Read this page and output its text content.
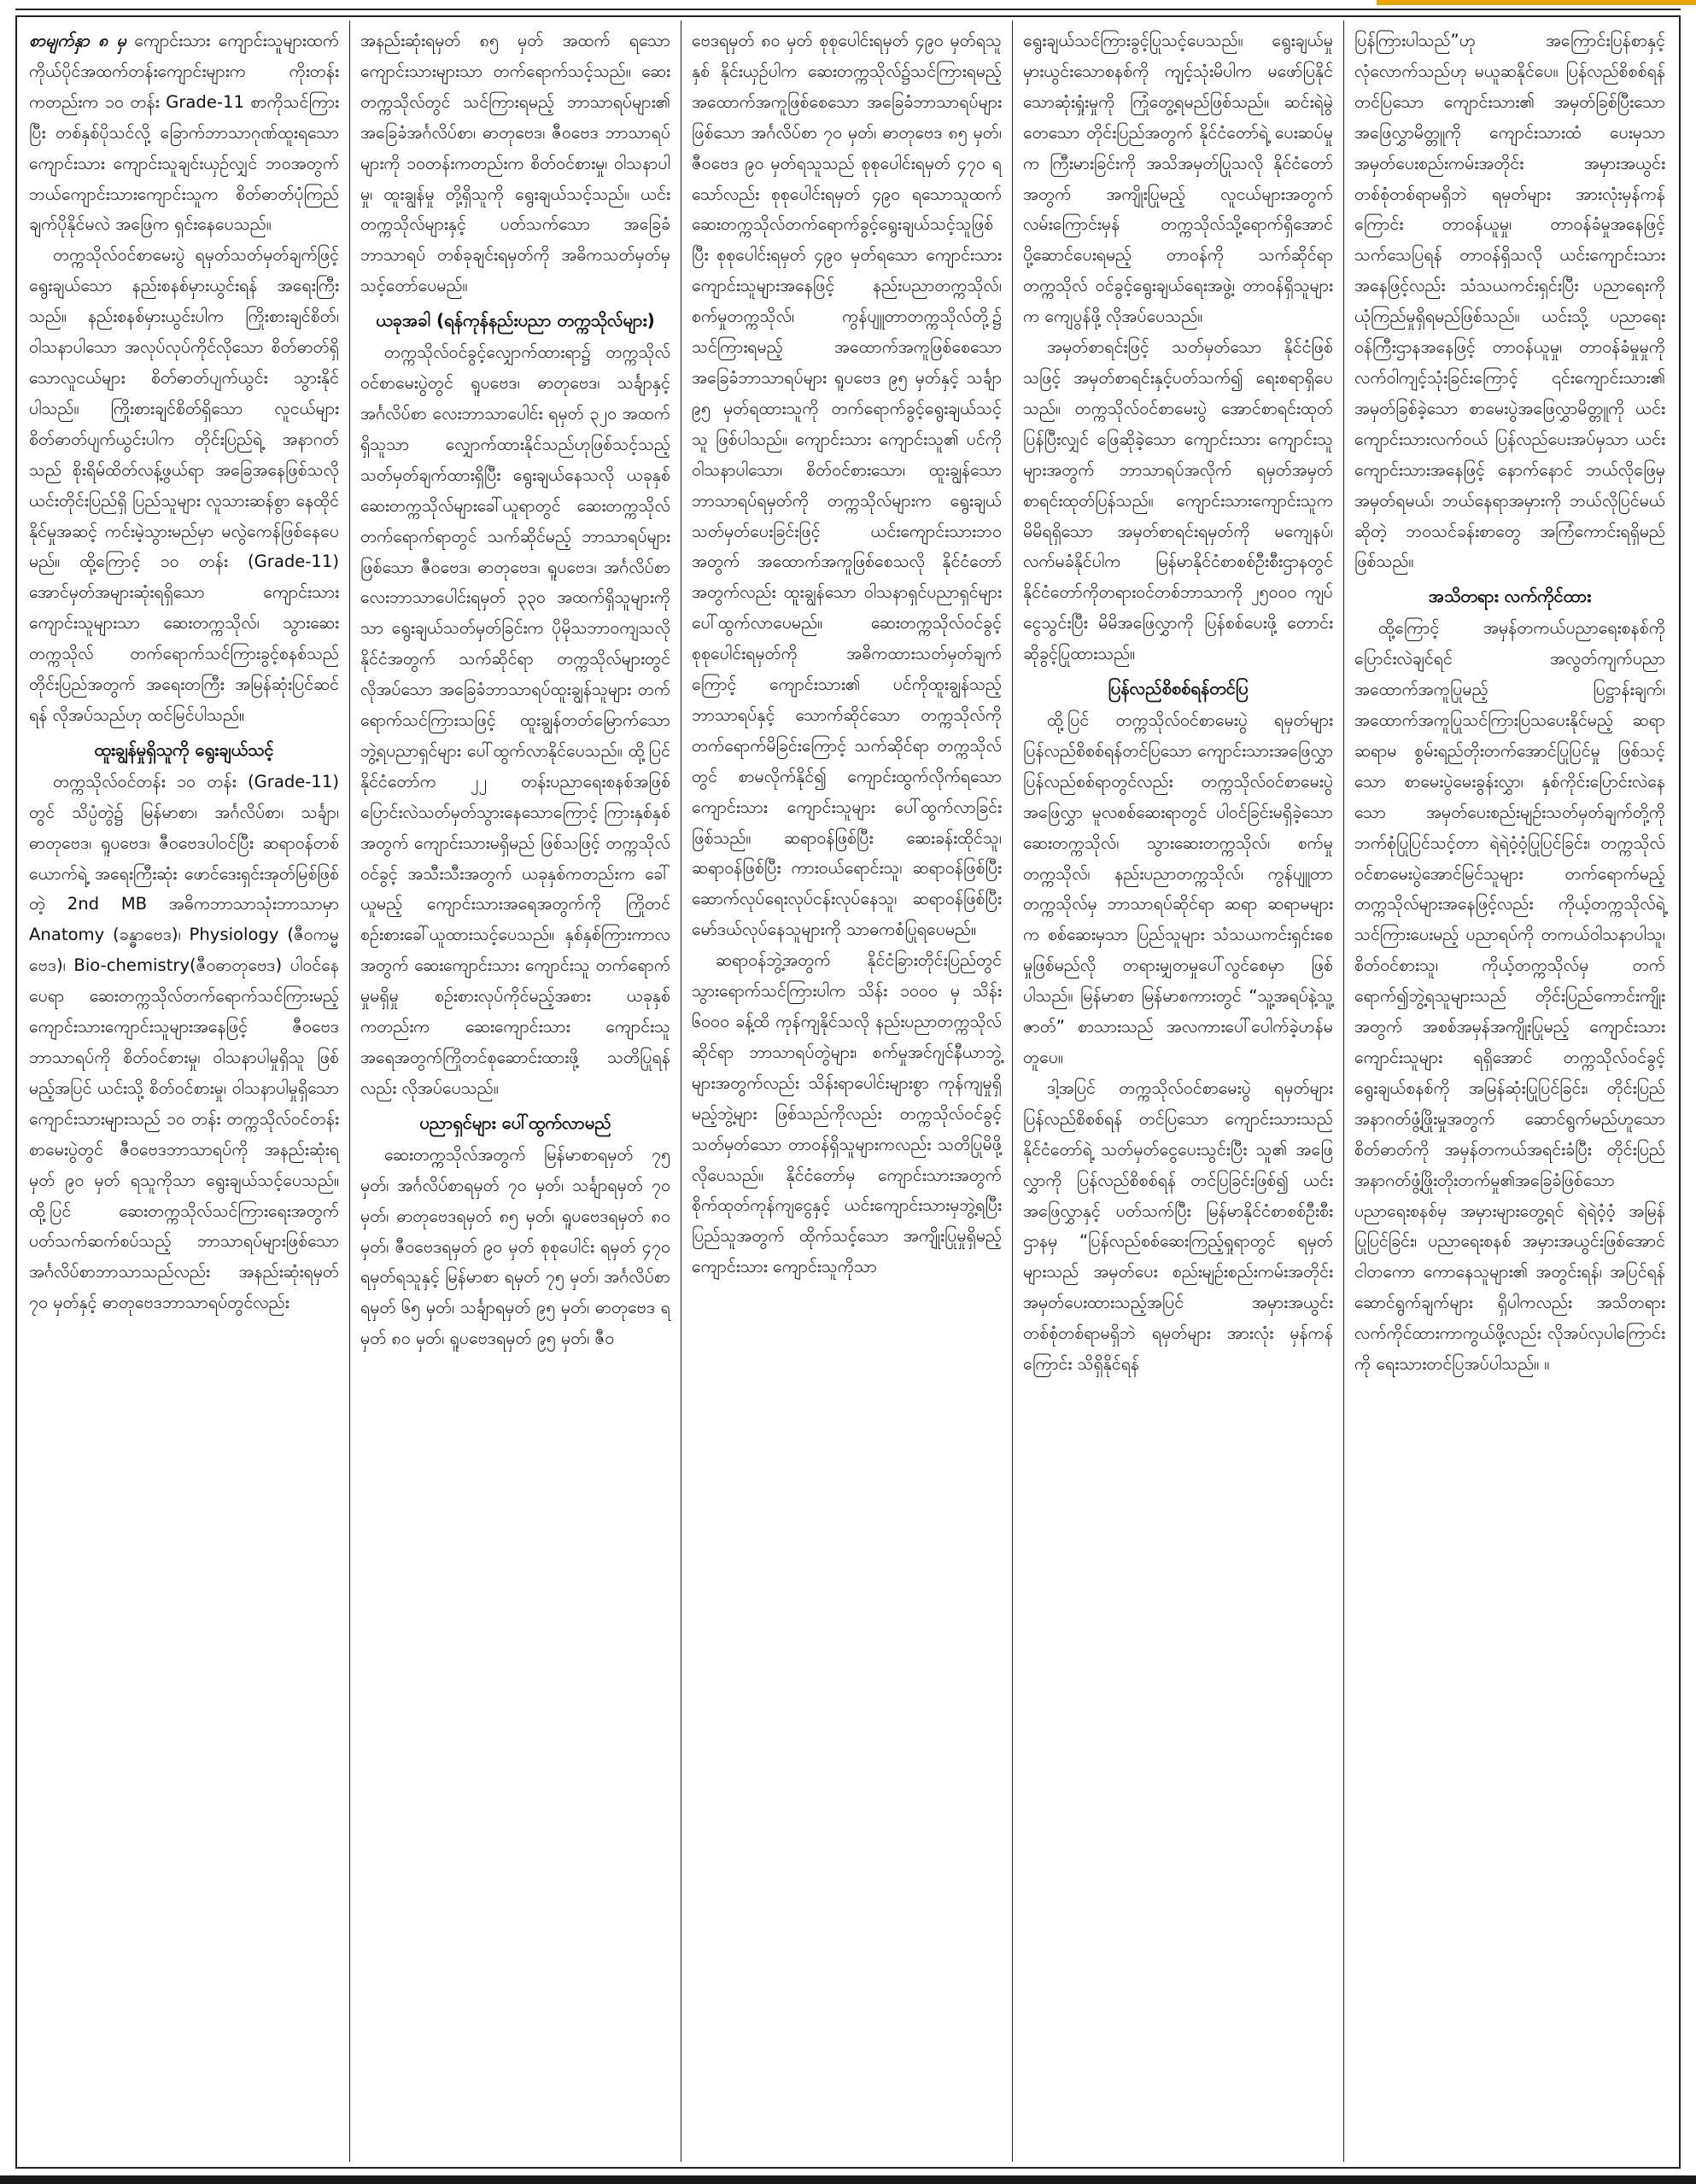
စာမျက်နှာ ၈ မှ ကျောင်းသား ကျောင်းသူများထက် ကိုယ်ပိုင်အထက်တန်းကျောင်းများက ကိုးတန်းကတည်းက ၁၀ တန်း Grade-11 စာကိုသင်ကြားပြီး တစ်နှစ်ပိုသင်လို့ ခြောက်ဘာသာဂုဏ်ထူးရသော ကျောင်းသား ကျောင်းသူချင်းယှဉ်လျှင် ဘဝအတွက် ဘယ်ကျောင်းသားကျောင်းသူက စိတ်ဓာတ်ပုံကြည်ချက်ပိုနိုင်မလဲ အဖြေက ရှင်းနေပေသည်။

တက္ကသိုလ်ဝင်စာမေးပွဲ ရမှတ်သတ်မှတ်ချက်ဖြင့် ရွေးချယ်သော နည်းစနစ်မှားယွင်းရန် အရေးကြီးသည်။ နည်းစနစ်မှားယွင်းပါက ကြိုးစားချင်စိတ်၊ ဝါသနာပါသော အလုပ်လုပ်ကိုင်လိုသော စိတ်ဓာတ်ရှိသောလူငယ်များ စိတ်ဓာတ်ပျက်ယွင်း သွားနိုင်ပါသည်။ ကြိုးစားချင်စိတ်ရှိသော လူငယ်များ စိတ်ဓာတ်ပျက်ယွင်းပါက တိုင်းပြည်ရဲ့ အနာဂတ်သည် စိုးရိမ်ထိတ်လန့်ဖွယ်ရာ အခြေအနေဖြစ်သလို ယင်းတိုင်းပြည်ရှိ ပြည်သူများ လူသားဆန်စွာ နေထိုင်နိုင်မှုအဆင့် ကင်းမဲ့သွားမည်မှာ မလွဲကေန်ဖြစ်နေပေမည်။ ထို့ကြောင့် ၁၀ တန်း (Grade-11) အောင်မှတ်အများဆုံးရရှိသော ကျောင်းသား ကျောင်းသူများသာ ဆေးတက္ကသိုလ်၊ သွားဆေးတက္ကသိုလ် တက်ရောက်သင်ကြားခွင့်စနစ်သည် တိုင်းပြည်အတွက် အရေးတကြီး အမြန်ဆုံးပြင်ဆင်ရန် လိုအပ်သည်ဟု ထင်မြင်ပါသည်။

ထူးချွန်မှုရှိသူကို ရွေးချယ်သင့်

တက္ကသိုလ်ဝင်တန်း ၁၀ တန်း (Grade-11) တွင် သိပ္ပံတွဲ၌ မြန်မာစာ၊ အင်္ဂလိပ်စာ၊ သင်္ချာ၊ ဓာတုဗေဒ၊ ရူပဗေဒ၊ ဇီဝဗေဒပါဝင်ပြီး ဆရာဝန်တစ်ယောက်ရဲ့ အရေးကြီးဆုံး ဖောင်ဒေးရှင်းအုတ်မြစ်ဖြစ်တဲ့ 2nd MB အဓိကဘာသာသုံးဘာသာမှာ Anatomy (ခန္ဓာဗေဒ)၊ Physiology (ဇီဝကမ္မဗေဒ)၊ Bio-chemistry(ဇီဝဓာတုဗေဒ) ပါဝင်နေပေရာ ဆေးတက္ကသိုလ်တက်ရောက်သင်ကြားမည့် ကျောင်းသားကျောင်းသူများအနေဖြင့် ဇီဝဗေဒဘာသာရပ်ကို စိတ်ဝင်စားမှု၊ ဝါသနာပါမှုရှိသူ ဖြစ်မည့်အပြင် ယင်းသို့ စိတ်ဝင်စားမှု၊ ဝါသနာပါမှုရှိသော ကျောင်းသားများသည် ၁၀ တန်း တက္ကသိုလ်ဝင်တန်းစာမေးပွဲတွင် ဇီဝဗေဒဘာသာရပ်ကို အနည်းဆုံးရမှတ် ၉၀ မှတ် ရသူကိုသာ ရွေးချယ်သင့်ပေသည်။ ထို့ပြင် ဆေးတက္ကသိုလ်သင်ကြားရေးအတွက် ပတ်သက်ဆက်စပ်သည့် ဘာသာရပ်များဖြစ်သော အင်္ဂလိပ်စာဘာသာသည်လည်း အနည်းဆုံးရမှတ် ၇၀ မှတ်နှင့် ဓာတုဗေဒဘာသာရပ်တွင်လည်း

အနည်းဆုံးရမှတ် ၈၅ မှတ် အထက် ရသော ကျောင်းသားများသာ တက်ရောက်သင့်သည်။ ဆေးတက္ကသိုလ်တွင် သင်ကြားရမည့် ဘာသာရပ်များ၏ အခြေခံအင်္ဂလိပ်စာ၊ ဓာတုဗေဒ၊ ဇီဝဗေဒ ဘာသာရပ်များကို ၁၀တန်းကတည်းက စိတ်ဝင်စားမှု၊ ဝါသနာပါမှု၊ ထူးချွန်မှု တို့ရှိသူကို ရွေးချယ်သင့်သည်။ ယင်း တက္ကသိုလ်များနှင့် ပတ်သက်သော အခြေခံဘာသာရပ် တစ်ခုချင်းရမှတ်ကို အဓိကသတ်မှတ်မှ သင့်တော်ပေမည်။

ယခုအခါ (ရန်ကုန်နည်းပညာ တက္ကသိုလ်များ)

တက္ကသိုလ်ဝင်ခွင့်လျှောက်ထားရာ၌ တက္ကသိုလ်ဝင်စာမေးပွဲတွင် ရူပဗေဒ၊ ဓာတုဗေဒ၊ သင်္ချာနှင့် အင်္ဂလိပ်စာ လေးဘာသာပေါင်း ရမှတ် ၃၂၀ အထက်ရှိသူသာ လျှောက်ထားနိုင်သည်ဟုဖြစ်သင့်သည့် သတ်မှတ်ချက်ထားရှိပြီး ရွေးချယ်နေသလို ယခုနှစ် ဆေးတက္ကသိုလ်များခေါ်ယူရာတွင် ဆေးတက္ကသိုလ် တက်ရောက်ရာတွင် သက်ဆိုင်မည့် ဘာသာရပ်များဖြစ်သော ဇီဝဗေဒ၊ ဓာတုဗေဒ၊ ရူပဗေဒ၊ အင်္ဂလိပ်စာ လေးဘာသာပေါင်းရမှတ် ၃၃၀ အထက်ရှိသူများကိုသာ ရွေးချယ်သတ်မှတ်ခြင်းက ပိုမိုသဘာဝကျသလို နိုင်ငံအတွက် သက်ဆိုင်ရာ တက္ကသိုလ်များတွင် လိုအပ်သော အခြေခံဘာသာရပ်ထူးချွန်သူများ တက်ရောက်သင်ကြားသဖြင့် ထူးချွန်တတ်မြောက်သော ဘွဲ့ရပညာရှင်များ ပေါ်ထွက်လာနိုင်ပေသည်။ ထို့ပြင် နိုင်ငံတော်က ၂၂ တန်းပညာရေးစနစ်အဖြစ် ပြောင်းလဲသတ်မှတ်သွားနေသောကြောင့် ကြားနှစ်နှစ်အတွက် ကျောင်းသားမရှိမည် ဖြစ်သဖြင့် တက္ကသိုလ်ဝင်ခွင့် အသီးသီးအတွက် ယခုနှစ်ကတည်းက ခေါ်ယူမည့် ကျောင်းသားအရေအတွက်ကို ကြိုတင်စဉ်းစားခေါ်ယူထားသင့်ပေသည်။ နှစ်နှစ်ကြားကာလအတွက် ဆေးကျောင်းသား ကျောင်းသူ တက်ရောက်မှုမရှိမှု စဉ်းစားလုပ်ကိုင်မည့်အစား ယခုနှစ်ကတည်းက ဆေးကျောင်းသား ကျောင်းသူ အရေအတွက်ကြိုတင်စုဆောင်းထားဖို့ သတိပြုရန်လည်း လိုအပ်ပေသည်။

ပညာရှင်များ ပေါ်ထွက်လာမည်

ဆေးတက္ကသိုလ်အတွက် မြန်မာစာရမှတ် ၇၅ မှတ်၊ အင်္ဂလိပ်စာရမှတ် ၇၀ မှတ်၊ သင်္ချာရမှတ် ၇၀ မှတ်၊ ဓာတုဗေဒရမှတ် ၈၅ မှတ်၊ ရူပဗေဒရမှတ် ၈၀ မှတ်၊ ဇီဝဗေဒရမှတ် ၉၀ မှတ် စုစုပေါင်း ရမှတ် ၄၇၀ ရမှတ်ရသူနှင့် မြန်မာစာ ရမှတ် ၇၅ မှတ်၊ အင်္ဂလိပ်စာရမှတ် ၆၅ မှတ်၊ သင်္ချာရမှတ် ၉၅ မှတ်၊ ဓာတုဗေဒ ရမှတ် ၈၀ မှတ်၊ ရူပဗေဒရမှတ် ၉၅ မှတ်၊ ဇီဝ

ဗေဒရမှတ် ၈၀ မှတ် စုစုပေါင်းရမှတ် ၄၉၀ မှတ်ရသူနှစ် နိုင်းယှဉ်ပါက ဆေးတက္ကသိုလ်၌သင်ကြားရမည့် အထောက်အကူဖြစ်စေသော အခြေခံဘာသာရပ်များဖြစ်သော အင်္ဂလိပ်စာ ၇၀ မှတ်၊ ဓာတုဗေဒ ၈၅ မှတ်၊ ဇီဝဗေဒ ၉၀ မှတ်ရသူသည် စုစုပေါင်းရမှတ် ၄၇၀ ရသော်လည်း စုစုပေါင်းရမှတ် ၄၉၀ ရသောသူထက် ဆေးတက္ကသိုလ်တက်ရောက်ခွင့်ရွေးချယ်သင့်သူဖြစ်ပြီး စုစုပေါင်းရမှတ် ၄၉၀ မှတ်ရသော ကျောင်းသားကျောင်းသူများအနေဖြင့် နည်းပညာတက္ကသိုလ်၊ စက်မှုတက္ကသိုလ်၊ ကွန်ပျူတာတက္ကသိုလ်တို့၌ သင်ကြားရမည့် အထောက်အကူဖြစ်စေသော အခြေခံဘာသာရပ်များ ရူပဗေဒ ၉၅ မှတ်နှင့် သင်္ချာ ၉၅ မှတ်ရထားသူကို တက်ရောက်ခွင့်ရွေးချယ်သင့်သူ ဖြစ်ပါသည်။ ကျောင်းသား ကျောင်းသူ၏ ပင်ကိုဝါသနာပါသော၊ စိတ်ဝင်စားသော၊ ထူးချွန်သော ဘာသာရပ်ရမှတ်ကို တက္ကသိုလ်များက ရွေးချယ်သတ်မှတ်ပေးခြင်းဖြင့် ယင်းကျောင်းသားဘဝအတွက် အထောက်အကူဖြစ်စေသလို နိုင်ငံတော်အတွက်လည်း ထူးချွန်သော ဝါသနာရှင်ပညာရှင်များ ပေါ်ထွက်လာပေမည်။ ဆေးတက္ကသိုလ်ဝင်ခွင့် စုစုပေါင်းရမှတ်ကို အဓိကထားသတ်မှတ်ချက်ကြောင့် ကျောင်းသား၏ ပင်ကိုထူးချွန်သည့်ဘာသာရပ်နှင့် သောက်ဆိုင်သော တက္ကသိုလ်ကို တက်ရောက်မိခြင်းကြောင့် သက်ဆိုင်ရာ တက္ကသိုလ်တွင် စာမလိုက်နိုင်၍ ကျောင်းထွက်လိုက်ရသော ကျောင်းသား ကျောင်းသူများ ပေါ်ထွက်လာခြင်း ဖြစ်သည်။ ဆရာဝန်ဖြစ်ပြီး ဆေးခန်းထိုင်သူ၊ ဆရာဝန်ဖြစ်ပြီး ကားဝယ်ရောင်းသူ၊ ဆရာဝန်ဖြစ်ပြီး ဆောက်လုပ်ရေးလုပ်ငန်းလုပ်နေသူ၊ ဆရာဝန်ဖြစ်ပြီး မော်ဒယ်လုပ်နေသူများကို သာဓကစံပြုရပေမည်။

ဆရာဝန်ဘွဲ့အတွက် နိုင်ငံခြားတိုင်းပြည်တွင် သွားရောက်သင်ကြားပါက သိန်း ၁၀၀၀ မှ သိန်း ၆၀၀၀ ခန့်ထိ ကုန်ကျနိုင်သလို နည်းပညာတက္ကသိုလ်ဆိုင်ရာ ဘာသာရပ်တွဲများ၊ စက်မှုအင်ဂျင်နီယာဘွဲ့များအတွက်လည်း သိန်းရာပေါင်းများစွာ ကုန်ကျမှုရှိမည့်ဘွဲ့များ ဖြစ်သည်ကိုလည်း တက္ကသိုလ်ဝင်ခွင့် သတ်မှတ်သော တာဝန်ရှိသူများကလည်း သတိပြုမိဖို့ လိုပေသည်။ နိုင်ငံတော်မှ ကျောင်းသားအတွက် စိုက်ထုတ်ကုန်ကျငွေနှင့် ယင်းကျောင်းသားမှဘွဲ့ရပြီး ပြည်သူအတွက် ထိုက်သင့်သော အကျိုးပြုမှုရှိမည့် ကျောင်းသား ကျောင်းသူကိုသာ

ရွေးချယ်သင်ကြားခွင့်ပြုသင့်ပေသည်။ ရွေးချယ်မှု မှားယွင်းသောစနစ်ကို ကျင့်သုံးမိပါက မဖော်ပြနိုင်သောဆုံးရှုံးမှုကို ကြုံတွေ့ရမည်ဖြစ်သည်။ ဆင်းရဲမွဲတေသော တိုင်းပြည်အတွက် နိုင်ငံတော်ရဲ့ ပေးဆပ်မှုက ကြီးမားခြင်းကို အသိအမှတ်ပြုသလို နိုင်ငံတော်အတွက် အကျိုးပြုမည့် လူငယ်များအတွက် လမ်းကြောင်းမှန် တက္ကသိုလ်သို့ရောက်ရှိအောင် ပို့ဆောင်ပေးရမည့် တာဝန်ကို သက်ဆိုင်ရာတက္ကသိုလ် ဝင်ခွင့်ရွေးချယ်ရေးအဖွဲ့၊ တာဝန်ရှိသူများက ကျေပွန်ဖို့ လိုအပ်ပေသည်။

အမှတ်စာရင်းဖြင့် သတ်မှတ်သော နိုင်ငံဖြစ်သဖြင့် အမှတ်စာရင်းနှင့်ပတ်သက်၍ ရေးစရာရှိပေသည်။ တက္ကသိုလ်ဝင်စာမေးပွဲ အောင်စာရင်းထုတ်ပြန်ပြီးလျှင် ဖြေဆိုခဲ့သော ကျောင်းသား ကျောင်းသူများအတွက် ဘာသာရပ်အလိုက် ရမှတ်အမှတ်စာရင်းထုတ်ပြန်သည်။ ကျောင်းသားကျောင်းသူက မိမိရရှိသော အမှတ်စာရင်းရမှတ်ကို မကျေနပ်၊ လက်မခံနိုင်ပါက မြန်မာနိုင်ငံစာစစ်ဦးစီးဌာနတွင် နိုင်ငံတော်ကိုတရားဝင်တစ်ဘာသာကို ၂၅၀၀၀ ကျပ်ငွေသွင်းပြီး မိမိအဖြေလွှာကို ပြန်စစ်ပေးဖို့ တောင်းဆိုခွင့်ပြုထားသည်။

ပြန်လည်စိစစ်ရန်တင်ပြ

ထို့ပြင် တက္ကသိုလ်ဝင်စာမေးပွဲ ရမှတ်များ ပြန်လည်စိစစ်ရန်တင်ပြသော ကျောင်းသားအဖြေလွှာပြန်လည်စစ်ရာတွင်လည်း တက္ကသိုလ်ဝင်စာမေးပွဲ အဖြေလွှာ မူလစစ်ဆေးရာတွင် ပါဝင်ခြင်းမရှိခဲ့သော ဆေးတက္ကသိုလ်၊ သွားဆေးတက္ကသိုလ်၊ စက်မှုတက္ကသိုလ်၊ နည်းပညာတက္ကသိုလ်၊ ကွန်ပျူတာတက္ကသိုလ်မှ ဘာသာရပ်ဆိုင်ရာ ဆရာ ဆရာမများက စစ်ဆေးမှသာ ပြည်သူများ သံသယကင်းရှင်းစေမှုဖြစ်မည်လို တရားမျှတမှုပေါ်လွင်စေမှာ ဖြစ်ပါသည်။ မြန်မာစာ မြန်မာစကားတွင် “သူ့အရပ်နဲ့သူ့ဇာတ်” စာသားသည် အလကားပေါ်ပေါက်ခဲ့ဟန်မတူပေ။

ဒါ့အပြင် တက္ကသိုလ်ဝင်စာမေးပွဲ ရမှတ်များ ပြန်လည်စိစစ်ရန် တင်ပြသော ကျောင်းသားသည် နိုင်ငံတော်ရဲ့ သတ်မှတ်ငွေပေးသွင်းပြီး သူ၏ အဖြေလွှာကို ပြန်လည်စိစစ်ရန် တင်ပြခြင်းဖြစ်၍ ယင်းအဖြေလွှာနှင့် ပတ်သက်ပြီး မြန်မာနိုင်ငံစာစစ်ဦးစီးဌာနမှ “ပြန်လည်စစ်ဆေးကြည့်ရှုရာတွင် ရမှတ်များသည် အမှတ်ပေး စည်းမျဉ်းစည်းကမ်းအတိုင်း အမှတ်ပေးထားသည့်အပြင် အမှားအယွင်းတစ်စုံတစ်ရာမရှိဘဲ ရမှတ်များ အားလုံး မှန်ကန်ကြောင်း သိရှိနိုင်ရန်

ပြန်ကြားပါသည်”ဟု အကြောင်းပြန်စာနှင့် လုံလောက်သည်ဟု မယူဆနိုင်ပေ။ ပြန်လည်စိစစ်ရန် တင်ပြသော ကျောင်းသား၏ အမှတ်ခြစ်ပြီးသော အဖြေလွှာမိတ္တူကို ကျောင်းသားထံ ပေးမှသာ အမှတ်ပေးစည်းကမ်းအတိုင်း အမှားအယွင်း တစ်စုံတစ်ရာမရှိဘဲ ရမှတ်များ အားလုံးမှန်ကန်ကြောင်း တာဝန်ယူမှု၊ တာဝန်ခံမှုအနေဖြင့် သက်သေပြရန် တာဝန်ရှိသလို ယင်းကျောင်းသားအနေဖြင့်လည်း သံသယကင်းရှင်းပြီး ပညာရေးကို ယုံကြည်မှုရှိရမည်ဖြစ်သည်။ ယင်းသို့ ပညာရေးဝန်ကြီးဌာနအနေဖြင့် တာဝန်ယူမှု၊ တာဝန်ခံမှုမှုကို လက်ဝါကျင့်သုံးခြင်းကြောင့် ၎င်းကျောင်းသား၏ အမှတ်ခြစ်ခဲ့သော စာမေးပွဲအဖြေလွှာမိတ္တူကို ယင်းကျောင်းသားလက်ဝယ် ပြန်လည်ပေးအပ်မှသာ ယင်းကျောင်းသားအနေဖြင့် နောက်နောင် ဘယ်လိုဖြေမှ အမှတ်ရမယ်၊ ဘယ်နေရာအမှားကို ဘယ်လိုပြင်မယ်ဆိုတဲ့ ဘဝသင်ခန်းစာတွေ အကြံကောင်းရရှိမည်ဖြစ်သည်။

အသိတရား လက်ကိုင်ထား

ထို့ကြောင့် အမှန်တကယ်ပညာရေးစနစ်ကို ပြောင်းလဲချင်ရင် အလွတ်ကျက်ပညာအထောက်အကူပြုမည့် ပြဋ္ဌာန်းချက်၊ အထောက်အကူပြုသင်ကြားပြသပေးနိုင်မည့် ဆရာ ဆရာမ စွမ်းရည်တိုးတက်အောင်ပြုပြင်မှု ဖြစ်သင့်သော စာမေးပွဲမေးခွန်းလွှာ၊ နှစ်ကိုင်းပြောင်းလဲနေသော အမှတ်ပေးစည်းမျဉ်းသတ်မှတ်ချက်တို့ကို ဘက်စုံပြုပြင်သင့်တာ ရဲရဲဝံ့ဝံ့ပြုပြင်ခြင်း၊ တက္ကသိုလ်ဝင်စာမေးပွဲအောင်မြင်သူများ တက်ရောက်မည့် တက္ကသိုလ်များအနေဖြင့်လည်း ကိုယ့်တက္ကသိုလ်ရဲ့သင်ကြားပေးမည့် ပညာရပ်ကို တကယ်ဝါသနာပါသူ၊ စိတ်ဝင်စားသူ၊ ကိုယ့်တက္ကသိုလ်မှ တက်ရောက်၍ဘွဲ့ရသူများသည် တိုင်းပြည်ကောင်းကျိုးအတွက် အစစ်အမှန်အကျိုးပြုမည့် ကျောင်းသား ကျောင်းသူများ ရရှိအောင် တက္ကသိုလ်ဝင်ခွင့်ရွေးချယ်စနစ်ကို အမြန်ဆုံးပြုပြင်ခြင်း၊ တိုင်းပြည်အနာဂတ်ဖွံ့ဖြိုးမှုအတွက် ဆောင်ရွက်မည်ဟူသောစိတ်ဓာတ်ကို အမှန်တကယ်အရင်းခံပြီး တိုင်းပြည်အနာဂတ်ဖွံ့ဖြိုးတိုးတက်မှု၏အခြေခံဖြစ်သောပညာရေးစနစ်မှ အမှားများတွေ့ရင် ရဲရဲဝံ့ဝံ့ အမြန်ပြုပြင်ခြင်း၊ ပညာရေးစနစ် အမှားအယွင်းဖြစ်အောင် ငါတကော ကောနေသူများ၏ အတွင်းရန်၊ အပြင်ရန် ဆောင်ရွက်ချက်များ ရှိပါကလည်း အသိတရား လက်ကိုင်ထားကာကွယ်ဖို့လည်း လိုအပ်လှပါကြောင်းကို ရေးသားတင်ပြအပ်ပါသည်။ ။
